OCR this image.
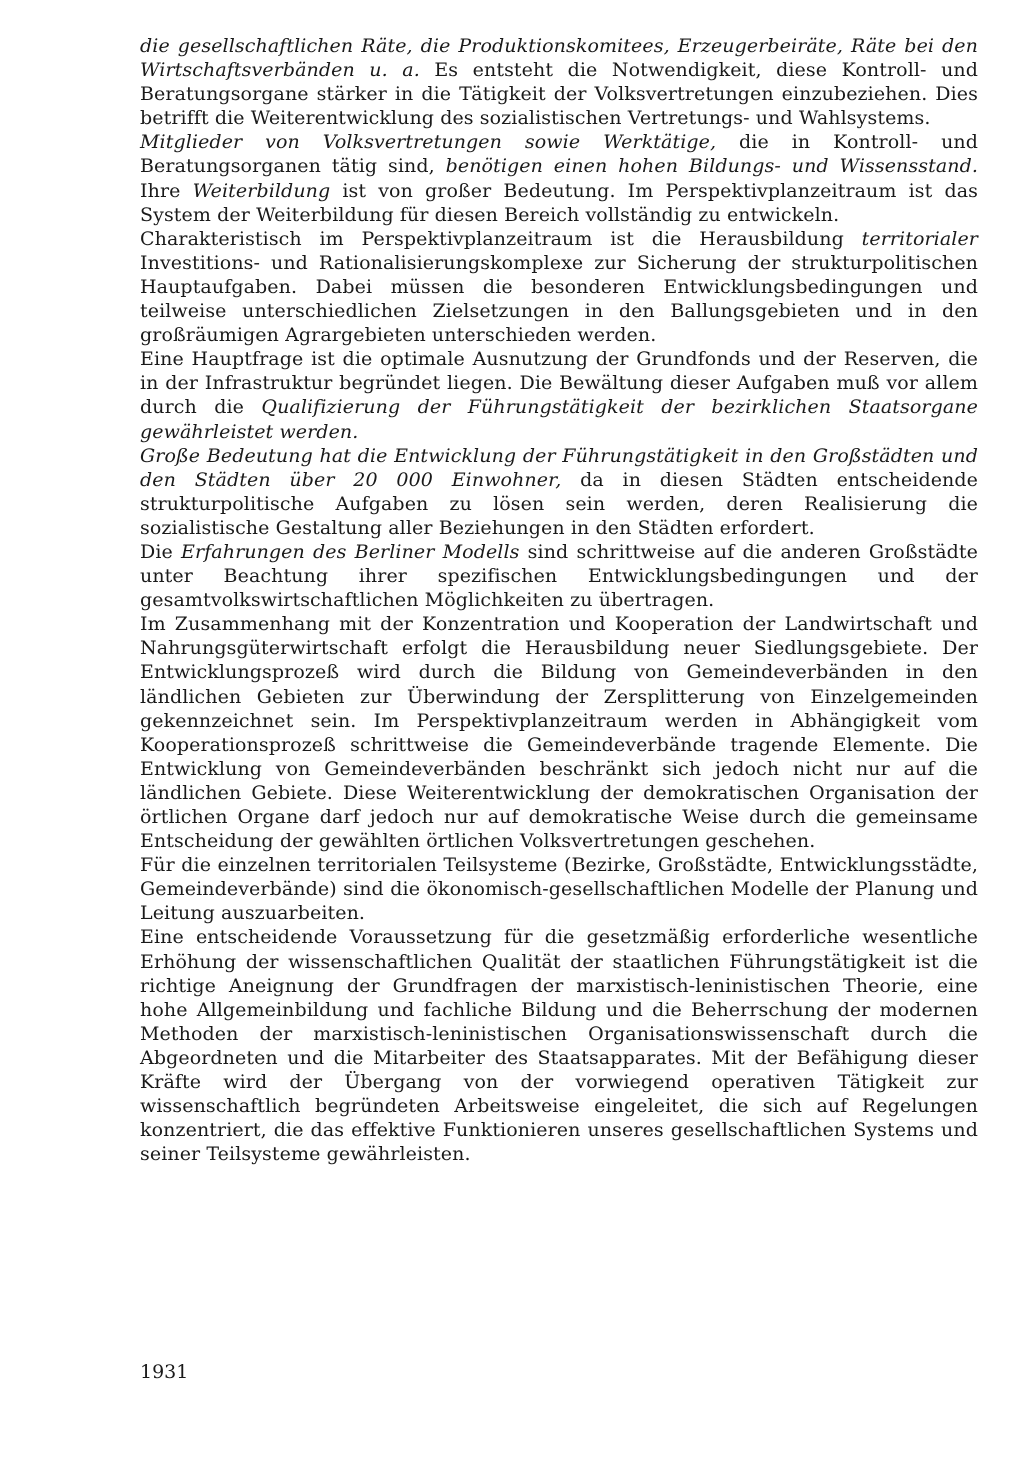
die gesellschaftlichen Räte, die Produktionskomitees, Erzeugerbeiräte, Räte bei den Wirtschaftsverbänden u. a. Es entsteht die Notwendigkeit, diese Kontroll- und Beratungsorgane stärker in die Tätigkeit der Volksvertretungen einzubeziehen. Dies betrifft die Weiterentwicklung des sozialistischen Vertretungs- und Wahlsystems.

Mitglieder von Volksvertretungen sowie Werktätige, die in Kontroll- und Beratungsorganen tätig sind, benötigen einen hohen Bildungs- und Wissensstand. Ihre Weiterbildung ist von großer Bedeutung. Im Perspektivplanzeitraum ist das System der Weiterbildung für diesen Bereich vollständig zu entwickeln.

Charakteristisch im Perspektivplanzeitraum ist die Herausbildung territorialer Investitions- und Rationalisierungskomplexe zur Sicherung der strukturpolitischen Hauptaufgaben. Dabei müssen die besonderen Entwicklungsbedingungen und teilweise unterschiedlichen Zielsetzungen in den Ballungsgebieten und in den großräumigen Agrargebieten unterschieden werden.

Eine Hauptfrage ist die optimale Ausnutzung der Grundfonds und der Reserven, die in der Infrastruktur begründet liegen. Die Bewältung dieser Aufgaben muß vor allem durch die Qualifizierung der Führungstätigkeit der bezirklichen Staatsorgane gewährleistet werden.

Große Bedeutung hat die Entwicklung der Führungstätigkeit in den Großstädten und den Städten über 20 000 Einwohner, da in diesen Städten entscheidende strukturpolitische Aufgaben zu lösen sein werden, deren Realisierung die sozialistische Gestaltung aller Beziehungen in den Städten erfordert.

Die Erfahrungen des Berliner Modells sind schrittweise auf die anderen Großstädte unter Beachtung ihrer spezifischen Entwicklungsbedingungen und der gesamtvolkswirtschaftlichen Möglichkeiten zu übertragen.

Im Zusammenhang mit der Konzentration und Kooperation der Landwirtschaft und Nahrungsgüterwirtschaft erfolgt die Herausbildung neuer Siedlungsgebiete. Der Entwicklungsprozeß wird durch die Bildung von Gemeindeverbänden in den ländlichen Gebieten zur Überwindung der Zersplitterung von Einzelgemeinden gekennzeichnet sein. Im Perspektivplanzeitraum werden in Abhängigkeit vom Kooperationsprozeß schrittweise die Gemeindeverbände tragende Elemente. Die Entwicklung von Gemeindeverbänden beschränkt sich jedoch nicht nur auf die ländlichen Gebiete. Diese Weiterentwicklung der demokratischen Organisation der örtlichen Organe darf jedoch nur auf demokratische Weise durch die gemeinsame Entscheidung der gewählten örtlichen Volksvertretungen geschehen.

Für die einzelnen territorialen Teilsysteme (Bezirke, Großstädte, Entwicklungsstädte, Gemeindeverbände) sind die ökonomisch-gesellschaftlichen Modelle der Planung und Leitung auszuarbeiten.

Eine entscheidende Voraussetzung für die gesetzmäßig erforderliche wesentliche Erhöhung der wissenschaftlichen Qualität der staatlichen Führungstätigkeit ist die richtige Aneignung der Grundfragen der marxistisch-leninistischen Theorie, eine hohe Allgemeinbildung und fachliche Bildung und die Beherrschung der modernen Methoden der marxistisch-leninistischen Organisationswissenschaft durch die Abgeordneten und die Mitarbeiter des Staatsapparates. Mit der Befähigung dieser Kräfte wird der Übergang von der vorwiegend operativen Tätigkeit zur wissenschaftlich begründeten Arbeitsweise eingeleitet, die sich auf Regelungen konzentriert, die das effektive Funktionieren unseres gesellschaftlichen Systems und seiner Teilsysteme gewährleisten.

1931
